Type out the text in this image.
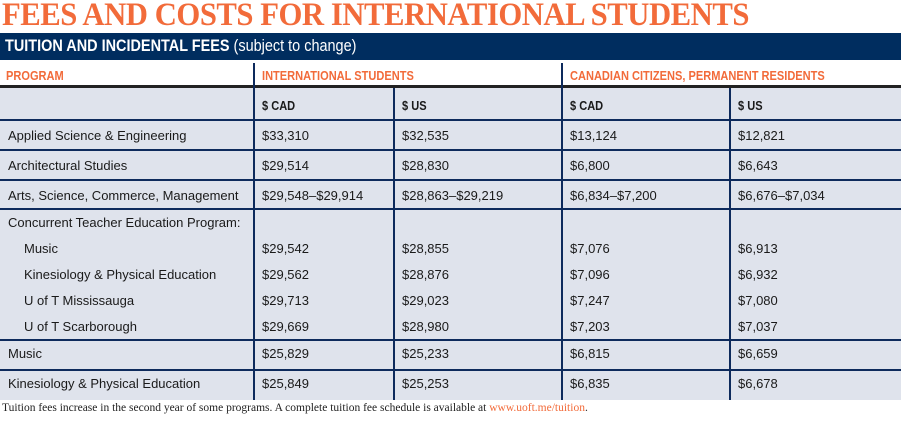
FEES AND COSTS FOR INTERNATIONAL STUDENTS
TUITION AND INCIDENTAL FEES (subject to change)
PROGRAM	INTERNATIONAL STUDENTS	CANADIAN CITIZENS, PERMANENT RESIDENTS
$ CAD	$ US	$ CAD	$ US
Applied Science & Engineering	$33,310	$32,535	$13,124	$12,821
Architectural Studies	$29,514	$28,830	$6,800	$6,643
Arts, Science, Commerce, Management $29,548–$29,914	$28,863–$29,219	$6,834–$7,200	$6,676–$7,034
Concurrent Teacher Education Program:
Music	$29,542	$28,855	$7,076	$6,913
Kinesiology & Physical Education	$29,562	$28,876	$7,096	$6,932
U of T Mississauga	$29,713	$29,023	$7,247	$7,080
U of T Scarborough	$29,669	$28,980	$7,203	$7,037
Music	$25,829	$25,233	$6,815	$6,659
Kinesiology & Physical Education	$25,849	$25,253	$6,835	$6,678
Tuition fees increase in the second year of some programs. A complete tuition fee schedule is available at www.uoft.me/tuition.
